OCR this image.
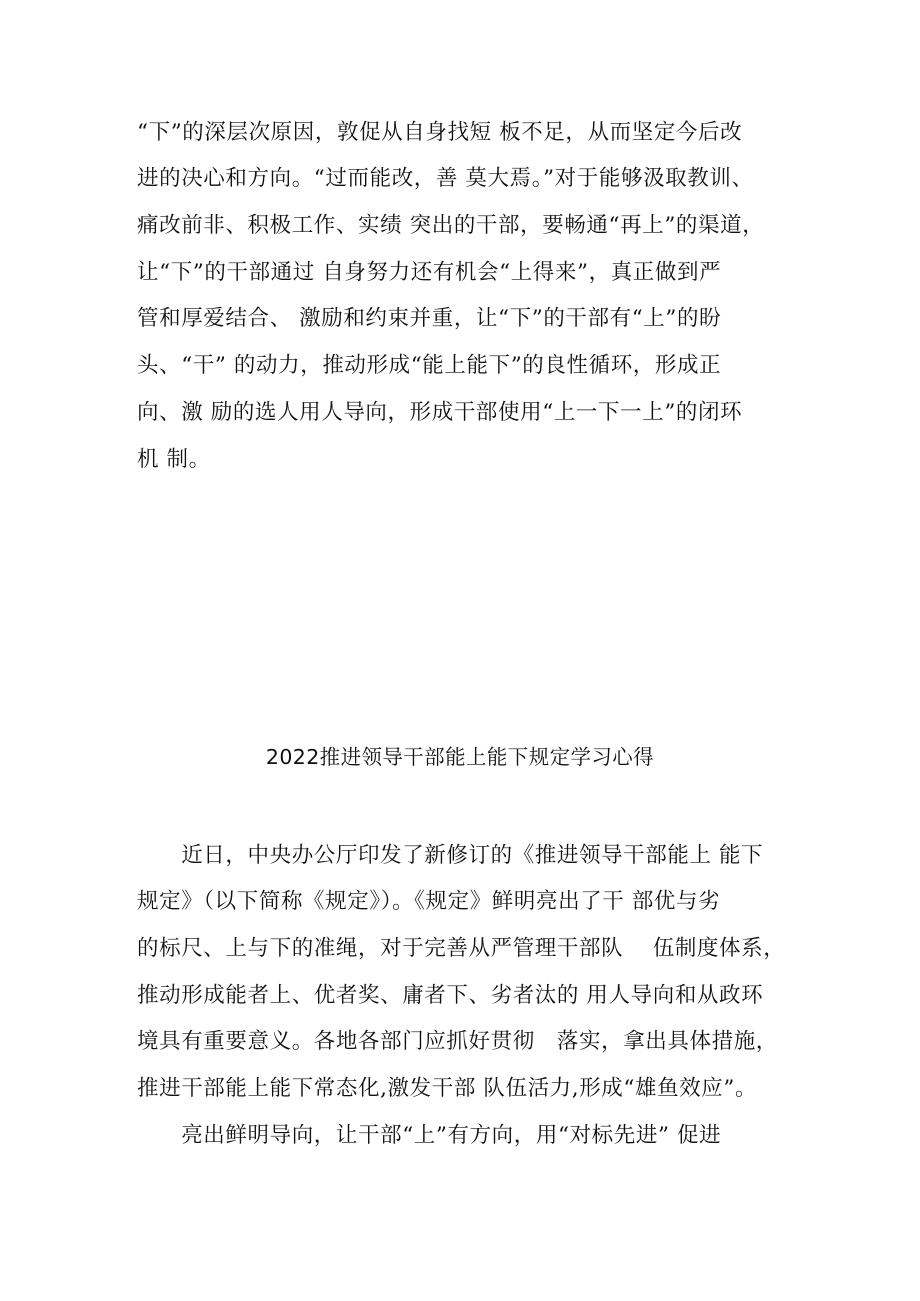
“下”的深层次原因，敦促从自身找短 板不足，从而坚定今后改
进的决心和方向。“过而能改，善 莫大焉。”对于能够汲取教训、
痛改前非、积极工作、实绩 突出的干部，要畅通“再上”的渠道，
让“下”的干部通过 自身努力还有机会“上得来”，真正做到严
管和厚爱结合、 激励和约束并重，让“下”的干部有“上”的盼
头、“干” 的动力，推动形成“能上能下”的良性循环，形成正
向、激 励的选人用人导向，形成干部使用“上一下一上”的闭环
机 制。
2022推进领导干部能上能下规定学习心得
　　近日，中央办公厅印发了新修订的《推进领导干部能上 能下
规定》（以下简称《规定》）。《规定》鲜明亮出了干 部优与劣
的标尺、上与下的准绳，对于完善从严管理干部队　 伍制度体系，
推动形成能者上、优者奖、庸者下、劣者汰的 用人导向和从政环
境具有重要意义。各地各部门应抓好贯彻　落实，拿出具体措施，
推进干部能上能下常态化,激发干部 队伍活力,形成“雄鱼效应”。
　　亮出鲜明导向，让干部“上”有方向，用“对标先进” 促进
